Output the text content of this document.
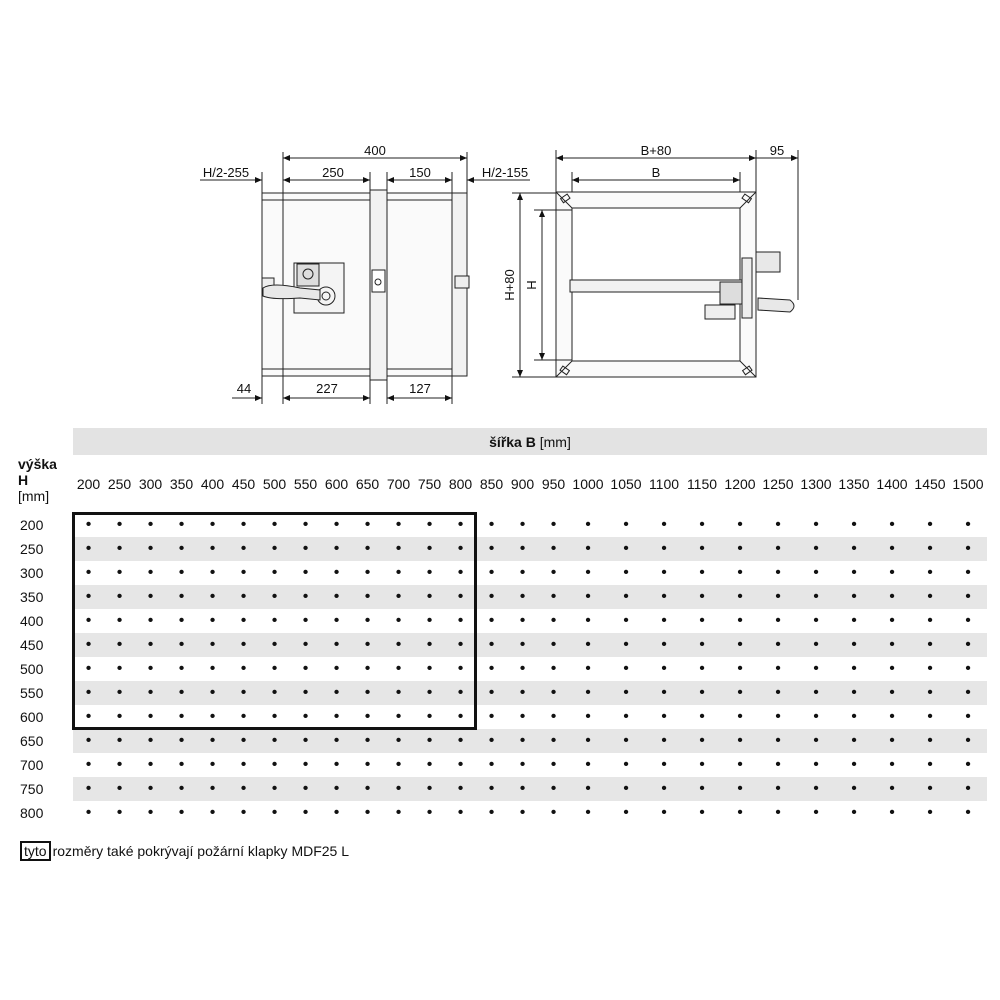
400
250	150
H/2-255	H/2-155
44	227	127
B+80
B
95
H+80 H
výška
H
[mm]	šířka B [mm]																										
	200	250	300	350	400	450	500	550	600	650	700	750	800	850	900	950	1000	1050	1100	1150	1200	1250	1300	1350	1400	1450	1500
200	•	•	•	•	•	•	•	•	•	•	•	•	•	•	•	•	•	•	•	•	•	•	•	•	•	•	•
250	•	•	•	•	•	•	•	•	•	•	•	•	•	•	•	•	•	•	•	•	•	•	•	•	•	•	•
300	•	•	•	•	•	•	•	•	•	•	•	•	•	•	•	•	•	•	•	•	•	•	•	•	•	•	•
350	•	•	•	•	•	•	•	•	•	•	•	•	•	•	•	•	•	•	•	•	•	•	•	•	•	•	•
400	•	•	•	•	•	•	•	•	•	•	•	•	•	•	•	•	•	•	•	•	•	•	•	•	•	•	•
450	•	•	•	•	•	•	•	•	•	•	•	•	•	•	•	•	•	•	•	•	•	•	•	•	•	•	•
500	•	•	•	•	•	•	•	•	•	•	•	•	•	•	•	•	•	•	•	•	•	•	•	•	•	•	•
550	•	•	•	•	•	•	•	•	•	•	•	•	•	•	•	•	•	•	•	•	•	•	•	•	•	•	•
600	•	•	•	•	•	•	•	•	•	•	•	•	•	•	•	•	•	•	•	•	•	•	•	•	•	•	•
650	•	•	•	•	•	•	•	•	•	•	•	•	•	•	•	•	•	•	•	•	•	•	•	•	•	•	•
700	•	•	•	•	•	•	•	•	•	•	•	•	•	•	•	•	•	•	•	•	•	•	•	•	•	•	•
750	•	•	•	•	•	•	•	•	•	•	•	•	•	•	•	•	•	•	•	•	•	•	•	•	•	•	•
800	•	•	•	•	•	•	•	•	•	•	•	•	•	•	•	•	•	•	•	•	•	•	•	•	•	•	•
tyto rozměry také pokrývají požární klapky MDF25 L
